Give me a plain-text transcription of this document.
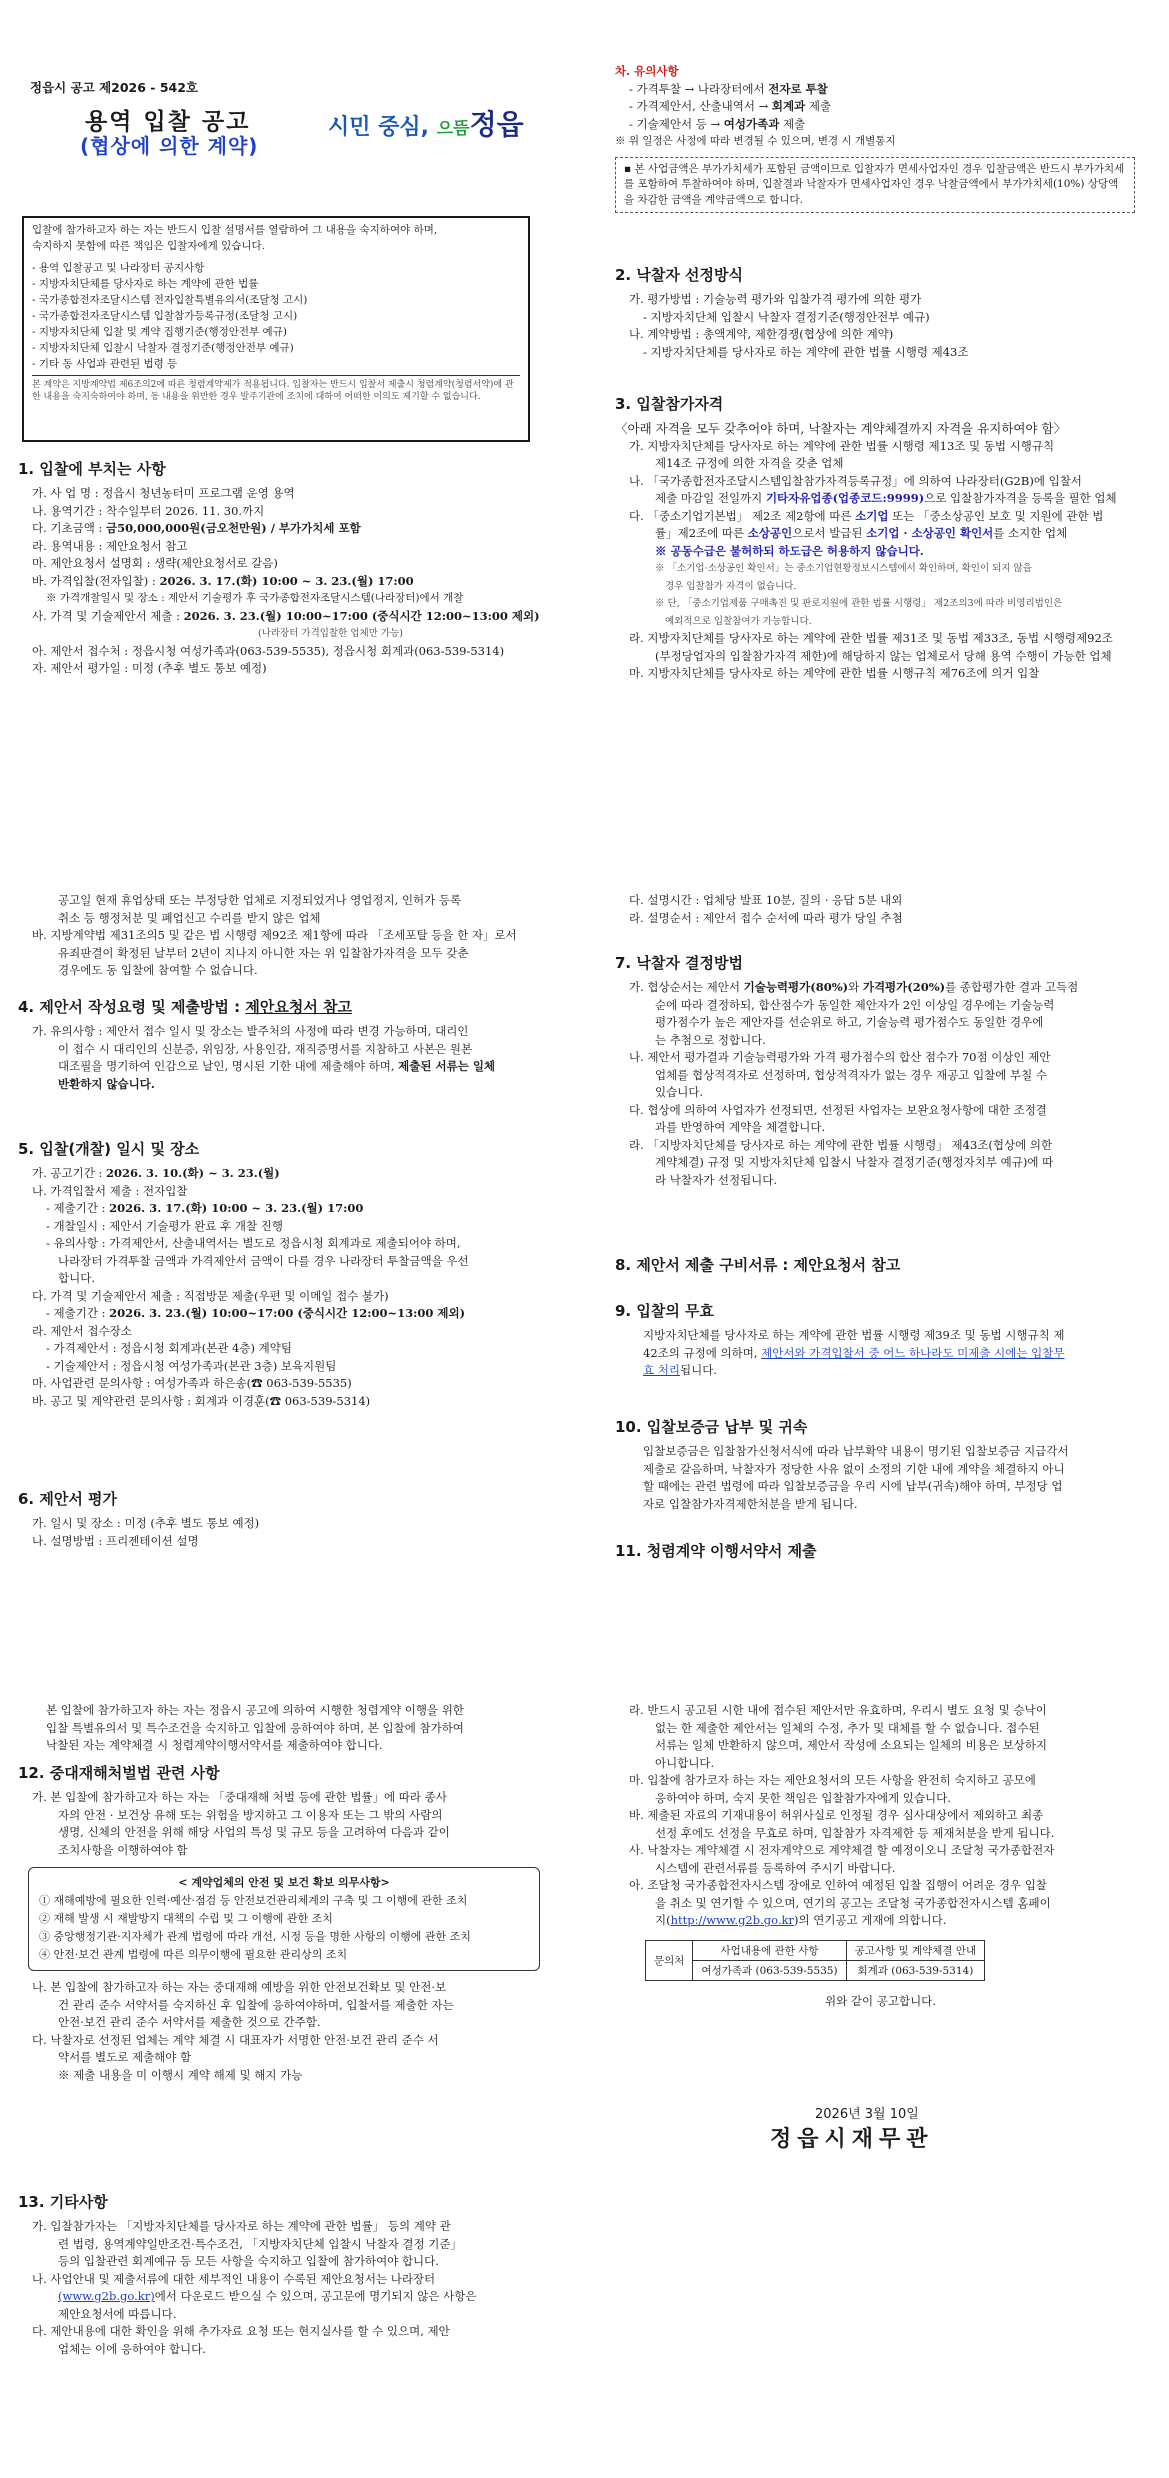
정읍시 공고 제2026 - 542호
용역 입찰 공고
(협상에 의한 계약)
시민 중심, 으뜸정읍

입찰에 참가하고자 하는 자는 반드시 입찰 설명서를 열람하여 그 내용을 숙지하여야 하며,

숙지하지 못함에 따른 책임은 입찰자에게 있습니다.

- 용역 입찰공고 및 나라장터 공지사항

- 지방자치단체를 당사자로 하는 계약에 관한 법률

- 국가종합전자조달시스템 전자입찰특별유의서(조달청 고시)

- 국가종합전자조달시스템 입찰참가등록규정(조달청 고시)

- 지방자치단체 입찰 및 계약 집행기준(행정안전부 예규)

- 지방자치단체 입찰시 낙찰자 결정기준(행정안전부 예규)

- 기타 동 사업과 관련된 법령 등

본 계약은 지방계약법 제6조의2에 따른 청렴계약제가 적용됩니다. 입찰자는 반드시 입찰서 제출시 청렴계약(청렴서약)에 관한 내용을 숙지숙하여야 하며, 동 내용을 위반한 경우 발주기관에 조치에 대하여 어떠한 이의도 제기할 수 없습니다.

1. 입찰에 부치는 사항

가. 사 업 명 : 정읍시 청년농터미 프로그램 운영 용역

나. 용역기간 : 착수일부터 2026. 11. 30.까지

다. 기초금액 : 금50,000,000원(금오천만원) / 부가가치세 포함

라. 용역내용 : 제안요청서 참고

마. 제안요청서 설명회 : 생략(제안요청서로 갈음)

바. 가격입찰(전자입찰) : 2026. 3. 17.(화) 10:00 ~ 3. 23.(월) 17:00

※ 가격개찰일시 및 장소 : 제안서 기술평가 후 국가종합전자조달시스템(나라장터)에서 개찰

사. 가격 및 기술제안서 제출 : 2026. 3. 23.(월) 10:00~17:00 (중식시간 12:00~13:00 제외)

(나라장터 가격입찰한 업체만 가능)

아. 제안서 접수처 : 정읍시청 여성가족과(063-539-5535), 정읍시청 회계과(063-539-5314)

자. 제안서 평가일 : 미정 (추후 별도 통보 예정)

차. 유의사항

- 가격투찰 → 나라장터에서 전자로 투찰

- 가격제안서, 산출내역서 → 회계과 제출

- 기술제안서 등 → 여성가족과 제출

※ 위 일정은 사정에 따라 변경될 수 있으며, 변경 시 개별통지

▪ 본 사업금액은 부가가치세가 포함된 금액이므로 입찰자가 면세사업자인 경우 입찰금액은 반드시 부가가치세를 포함하여 투찰하여야 하며, 입찰결과 낙찰자가 면세사업자인 경우 낙찰금액에서 부가가치세(10%) 상당액을 차감한 금액을 계약금액으로 합니다.

2. 낙찰자 선정방식

가. 평가방법 : 기술능력 평가와 입찰가격 평가에 의한 평가

- 지방자치단체 입찰시 낙찰자 결정기준(행정안전부 예규)

나. 계약방법 : 총액계약, 제한경쟁(협상에 의한 계약)

- 지방자치단체를 당사자로 하는 계약에 관한 법률 시행령 제43조

3. 입찰참가자격

〈아래 자격을 모두 갖추어야 하며, 낙찰자는 계약체결까지 자격을 유지하여야 함〉

가. 지방자치단체를 당사자로 하는 계약에 관한 법률 시행령 제13조 및 동법 시행규칙

제14조 규정에 의한 자격을 갖춘 업체

나. 「국가종합전자조달시스템입찰참가자격등록규정」에 의하여 나라장터(G2B)에 입찰서

제출 마감일 전일까지 기타자유업종(업종코드:9999)으로 입찰참가자격을 등록을 필한 업체

다. 「중소기업기본법」 제2조 제2항에 따른 소기업 또는 「중소상공인 보호 및 지원에 관한 법

률」제2조에 따른 소상공인으로서 발급된 소기업 · 소상공인 확인서를 소지한 업체

※ 공동수급은 불허하되 하도급은 허용하지 않습니다.

※ 「소기업·소상공인 확인서」는 중소기업현황정보시스템에서 확인하며, 확인이 되지 않을

경우 입찰참가 자격이 없습니다.

※ 단, 「중소기업제품 구매촉진 및 판로지원에 관한 법률 시행령」 제2조의3에 따라 비영리법인은

예외적으로 입찰참여가 가능합니다.

라. 지방자치단체를 당사자로 하는 계약에 관한 법률 제31조 및 동법 제33조, 동법 시행령제92조

(부정당업자의 입찰참가자격 제한)에 해당하지 않는 업체로서 당해 용역 수행이 가능한 업체

마. 지방자치단체를 당사자로 하는 계약에 관한 법률 시행규칙 제76조에 의거 입찰

공고일 현재 휴업상태 또는 부정당한 업체로 지정되었거나 영업정지, 인허가 등록

취소 등 행정처분 및 폐업신고 수리를 받지 않은 업체

바. 지방계약법 제31조의5 및 같은 법 시행령 제92조 제1항에 따라 「조세포탈 등을 한 자」로서

유죄판결이 확정된 날부터 2년이 지나지 아니한 자는 위 입찰참가자격을 모두 갖춘

경우에도 동 입찰에 참여할 수 없습니다.

4. 제안서 작성요령 및 제출방법 : 제안요청서 참고

가. 유의사항 : 제안서 접수 일시 및 장소는 발주처의 사정에 따라 변경 가능하며, 대리인

이 접수 시 대리인의 신분증, 위임장, 사용인감, 재직증명서를 지참하고 사본은 원본

대조필을 명기하여 인감으로 날인, 명시된 기한 내에 제출해야 하며, 제출된 서류는 일체

반환하지 않습니다.

5. 입찰(개찰) 일시 및 장소

가. 공고기간 : 2026. 3. 10.(화) ~ 3. 23.(월)

나. 가격입찰서 제출 : 전자입찰

- 제출기간 : 2026. 3. 17.(화) 10:00 ~ 3. 23.(월) 17:00

- 개찰일시 : 제안서 기술평가 완료 후 개찰 진행

- 유의사항 : 가격제안서, 산출내역서는 별도로 정읍시청 회계과로 제출되어야 하며,

나라장터 가격투찰 금액과 가격제안서 금액이 다를 경우 나라장터 투찰금액을 우선

합니다.

다. 가격 및 기술제안서 제출 : 직접방문 제출(우편 및 이메일 접수 불가)

- 제출기간 : 2026. 3. 23.(월) 10:00~17:00 (중식시간 12:00~13:00 제외)

라. 제안서 접수장소

- 가격제안서 : 정읍시청 회계과(본관 4층) 계약팀

- 기술제안서 : 정읍시청 여성가족과(본관 3층) 보육지원팀

마. 사업관련 문의사항 : 여성가족과 하은송(☎ 063-539-5535)

바. 공고 및 계약관련 문의사항 : 회계과 이경훈(☎ 063-539-5314)

6. 제안서 평가

가. 일시 및 장소 : 미정 (추후 별도 통보 예정)

나. 설명방법 : 프리젠테이션 설명

다. 설명시간 : 업체당 발표 10분, 질의 · 응답 5분 내외

라. 설명순서 : 제안서 접수 순서에 따라 평가 당일 추첨

7. 낙찰자 결정방법

가. 협상순서는 제안서 기술능력평가(80%)와 가격평가(20%)를 종합평가한 결과 고득점

순에 따라 결정하되, 합산점수가 동일한 제안자가 2인 이상일 경우에는 기술능력

평가점수가 높은 제안자를 선순위로 하고, 기술능력 평가점수도 동일한 경우에

는 추첨으로 정합니다.

나. 제안서 평가결과 기술능력평가와 가격 평가점수의 합산 점수가 70점 이상인 제안

업체를 협상적격자로 선정하며, 협상적격자가 없는 경우 재공고 입찰에 부칠 수

있습니다.

다. 협상에 의하여 사업자가 선정되면, 선정된 사업자는 보완요청사항에 대한 조정결

과를 반영하여 계약을 체결합니다.

라. 「지방자치단체를 당사자로 하는 계약에 관한 법률 시행령」 제43조(협상에 의한

계약체결) 규정 및 지방자치단체 입찰시 낙찰자 결정기준(행정자치부 예규)에 따

라 낙찰자가 선정됩니다.

8. 제안서 제출 구비서류 : 제안요청서 참고

9. 입찰의 무효

지방자치단체를 당사자로 하는 계약에 관한 법률 시행령 제39조 및 동법 시행규칙 제

42조의 규정에 의하며, 제안서와 가격입찰서 중 어느 하나라도 미제출 시에는 입찰무

효 처리됩니다.

10. 입찰보증금 납부 및 귀속

입찰보증금은 입찰참가신청서식에 따라 납부확약 내용이 명기된 입찰보증금 지급각서

제출로 갈음하며, 낙찰자가 정당한 사유 없이 소정의 기한 내에 계약을 체결하지 아니

할 때에는 관련 법령에 따라 입찰보증금을 우리 시에 납부(귀속)해야 하며, 부정당 업

자로 입찰참가자격제한처분을 받게 됩니다.

11. 청렴계약 이행서약서 제출

본 입찰에 참가하고자 하는 자는 정읍시 공고에 의하여 시행한 청렴계약 이행을 위한

입찰 특별유의서 및 특수조건을 숙지하고 입찰에 응하여야 하며, 본 입찰에 참가하여

낙찰된 자는 계약체결 시 청렴계약이행서약서를 제출하여야 합니다.

12. 중대재해처벌법 관련 사항

가. 본 입찰에 참가하고자 하는 자는 「중대재해 처벌 등에 관한 법률」에 따라 종사

자의 안전 · 보건상 유해 또는 위험을 방지하고 그 이용자 또는 그 밖의 사람의

생명, 신체의 안전을 위해 해당 사업의 특성 및 규모 등을 고려하여 다음과 같이

조치사항을 이행하여야 함

< 계약업체의 안전 및 보건 확보 의무사항>

① 재해예방에 필요한 인력·예산·점검 등 안전보건관리체계의 구축 및 그 이행에 관한 조치

② 재해 발생 시 재발방지 대책의 수립 및 그 이행에 관한 조치

③ 중앙행정기관·지자체가 관계 법령에 따라 개선, 시정 등을 명한 사항의 이행에 관한 조치

④ 안전·보건 관계 법령에 따른 의무이행에 필요한 관리상의 조치

나. 본 입찰에 참가하고자 하는 자는 중대재해 예방을 위한 안전보건확보 및 안전·보

건 관리 준수 서약서를 숙지하신 후 입찰에 응하여야하며, 입찰서를 제출한 자는

안전·보건 관리 준수 서약서를 제출한 것으로 간주함.

다. 낙찰자로 선정된 업체는 계약 체결 시 대표자가 서명한 안전·보건 관리 준수 서

약서를 별도로 제출해야 함

※ 제출 내용을 미 이행시 계약 해제 및 해지 가능

13. 기타사항

가. 입찰참가자는 「지방자치단체를 당사자로 하는 계약에 관한 법률」 등의 계약 관

련 법령, 용역계약일반조건·특수조건, 「지방자치단체 입찰시 낙찰자 결정 기준」

등의 입찰관련 회계예규 등 모든 사항을 숙지하고 입찰에 참가하여야 합니다.

나. 사업안내 및 제출서류에 대한 세부적인 내용이 수록된 제안요청서는 나라장터

(www.g2b.go.kr)에서 다운로드 받으실 수 있으며, 공고문에 명기되지 않은 사항은

제안요청서에 따릅니다.

다. 제안내용에 대한 확인을 위해 추가자료 요청 또는 현지실사를 할 수 있으며, 제안

업체는 이에 응하여야 합니다.

라. 반드시 공고된 시한 내에 접수된 제안서만 유효하며, 우리시 별도 요청 및 승낙이

없는 한 제출한 제안서는 일체의 수정, 추가 및 대체를 할 수 없습니다. 접수된

서류는 일체 반환하지 않으며, 제안서 작성에 소요되는 일체의 비용은 보상하지

아니합니다.

마. 입찰에 참가코자 하는 자는 제안요청서의 모든 사항을 완전히 숙지하고 공모에

응하여야 하며, 숙지 못한 책임은 입찰참가자에게 있습니다.

바. 제출된 자료의 기재내용이 허위사실로 인정될 경우 심사대상에서 제외하고 최종

선정 후에도 선정을 무효로 하며, 입찰참가 자격제한 등 제재처분을 받게 됩니다.

사. 낙찰자는 계약체결 시 전자계약으로 계약체결 할 예정이오니 조달청 국가종합전자

시스템에 관련서류를 등록하여 주시기 바랍니다.

아. 조달청 국가종합전자시스템 장애로 인하여 예정된 입찰 집행이 어려운 경우 입찰

을 취소 및 연기할 수 있으며, 연기의 공고는 조달청 국가종합전자시스템 홈페이

지(http://www.g2b.go.kr)의 연기공고 게재에 의합니다.

문의처	사업내용에 관한 사항	공고사항 및 계약체결 안내
	여성가족과 (063-539-5535)	회계과 (063-539-5314)

위와 같이 공고합니다.

2026년 3월 10일
정읍시재무관
